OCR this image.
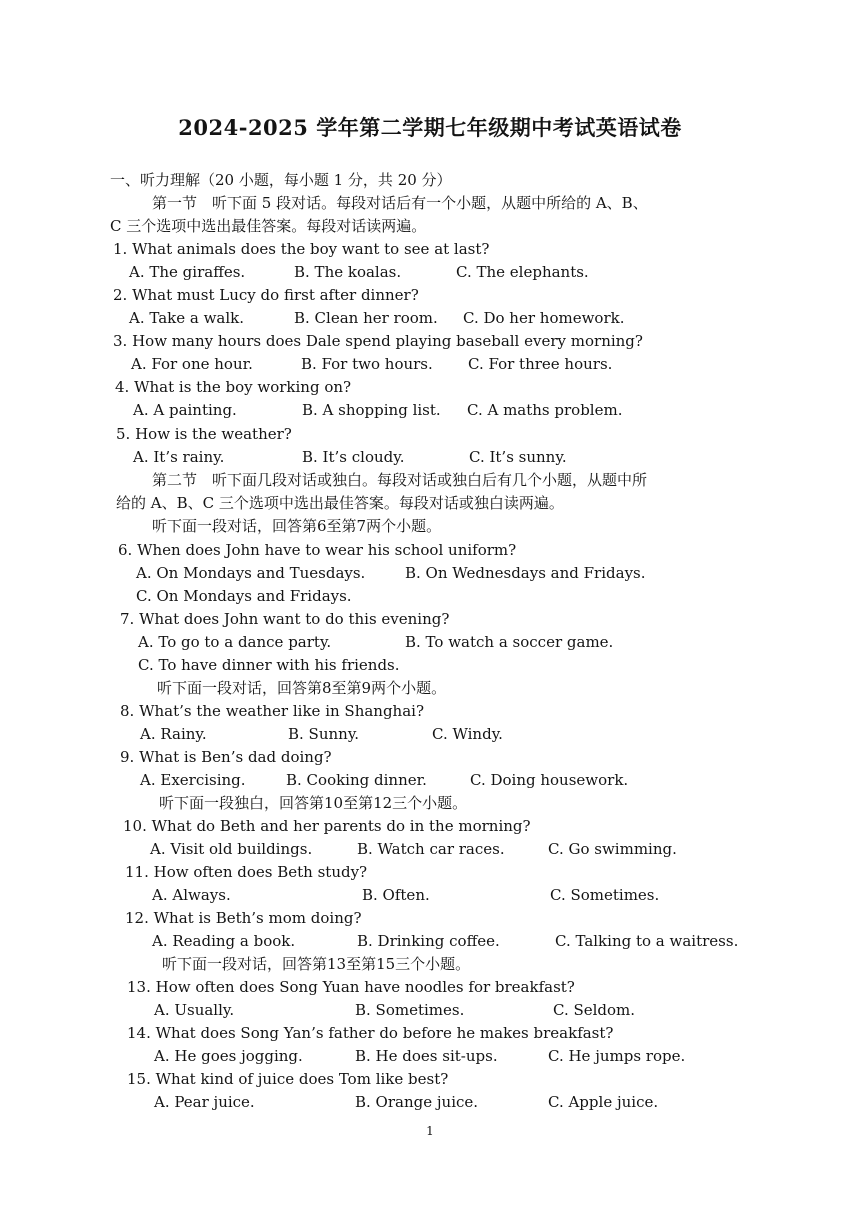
2024-2025 学年第二学期七年级期中考试英语试卷
一、听力理解（20 小题，每小题 1 分，共 20 分）
第一节　听下面 5 段对话。每段对话后有一个小题，从题中所给的 A、B、
C 三个选项中选出最佳答案。每段对话读两遍。
1. What animals does the boy want to see at last?
A. The giraffes.	B. The koalas.	C. The elephants.
2. What must Lucy do first after dinner?
A. Take a walk.	B. Clean her room. C. Do her homework.
3. How many hours does Dale spend playing baseball every morning?
A. For one hour.	B. For two hours. C. For three hours.
4. What is the boy working on?
A. A painting.	B. A shopping list. C. A maths problem.
5. How is the weather?
A. It’s rainy.	B. It’s cloudy.	C. It’s sunny.
第二节　听下面几段对话或独白。每段对话或独白后有几个小题，从题中所
给的 A、B、C 三个选项中选出最佳答案。每段对话或独白读两遍。
听下面一段对话，回答第6至第7两个小题。
6. When does John have to wear his school uniform?
A. On Mondays and Tuesdays.	B. On Wednesdays and Fridays.
C. On Mondays and Fridays.
7. What does John want to do this evening?
A. To go to a dance party.	B. To watch a soccer game.
C. To have dinner with his friends.
听下面一段对话，回答第8至第9两个小题。
8. What’s the weather like in Shanghai?
A. Rainy.	B. Sunny.	C. Windy.
9. What is Ben’s dad doing?
A. Exercising.	B. Cooking dinner.	C. Doing housework.
听下面一段独白，回答第10至第12三个小题。
10. What do Beth and her parents do in the morning?
A. Visit old buildings.	B. Watch car races.	C. Go swimming.
11. How often does Beth study?
A. Always.	B. Often.	C. Sometimes.
12. What is Beth’s mom doing?
A. Reading a book.	B. Drinking coffee.	C. Talking to a waitress.
听下面一段对话，回答第13至第15三个小题。
13. How often does Song Yuan have noodles for breakfast?
A. Usually.	B. Sometimes.	C. Seldom.
14. What does Song Yan’s father do before he makes breakfast?
A. He goes jogging.	B. He does sit-ups.	C. He jumps rope.
15. What kind of juice does Tom like best?
A. Pear juice.	B. Orange juice.	C. Apple juice.
1
